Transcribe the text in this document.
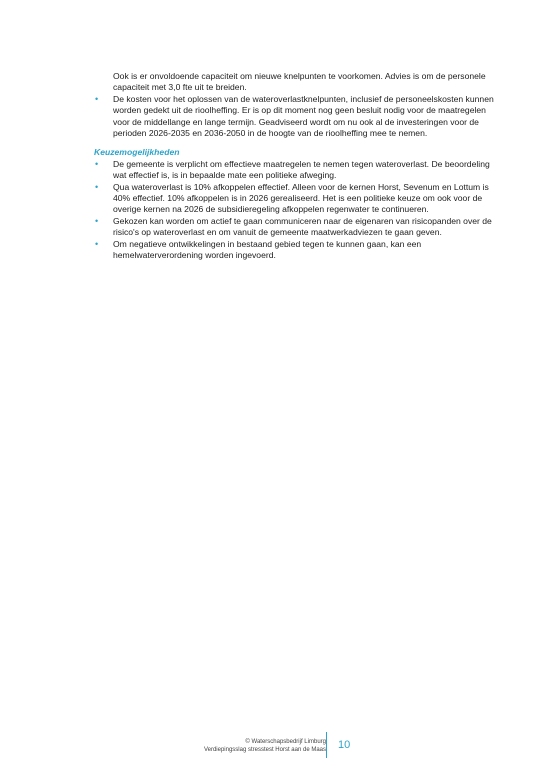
Ook is er onvoldoende capaciteit om nieuwe knelpunten te voorkomen. Advies is om de personele capaciteit met 3,0 fte uit te breiden.

• De kosten voor het oplossen van de wateroverlastknelpunten, inclusief de personeelskosten kunnen worden gedekt uit de rioolheffing. Er is op dit moment nog geen besluit nodig voor de maatregelen voor de middellange en lange termijn. Geadviseerd wordt om nu ook al de investeringen voor de perioden 2026-2035 en 2036-2050 in de hoogte van de rioolheffing mee te nemen.
Keuzemogelijkheden
• De gemeente is verplicht om effectieve maatregelen te nemen tegen wateroverlast. De beoordeling wat effectief is, is in bepaalde mate een politieke afweging.
• Qua wateroverlast is 10% afkoppelen effectief. Alleen voor de kernen Horst, Sevenum en Lottum is 40% effectief. 10% afkoppelen is in 2026 gerealiseerd. Het is een politieke keuze om ook voor de overige kernen na 2026 de subsidieregeling afkoppelen regenwater te continueren.
• Gekozen kan worden om actief te gaan communiceren naar de eigenaren van risicopanden over de risico's op wateroverlast en om vanuit de gemeente maatwerkadviezen te gaan geven.
• Om negatieve ontwikkelingen in bestaand gebied tegen te kunnen gaan, kan een hemelwaterverordening worden ingevoerd.
© Waterschapsbedrijf Limburg
Verdiepingsslag stresstest Horst aan de Maas 10
